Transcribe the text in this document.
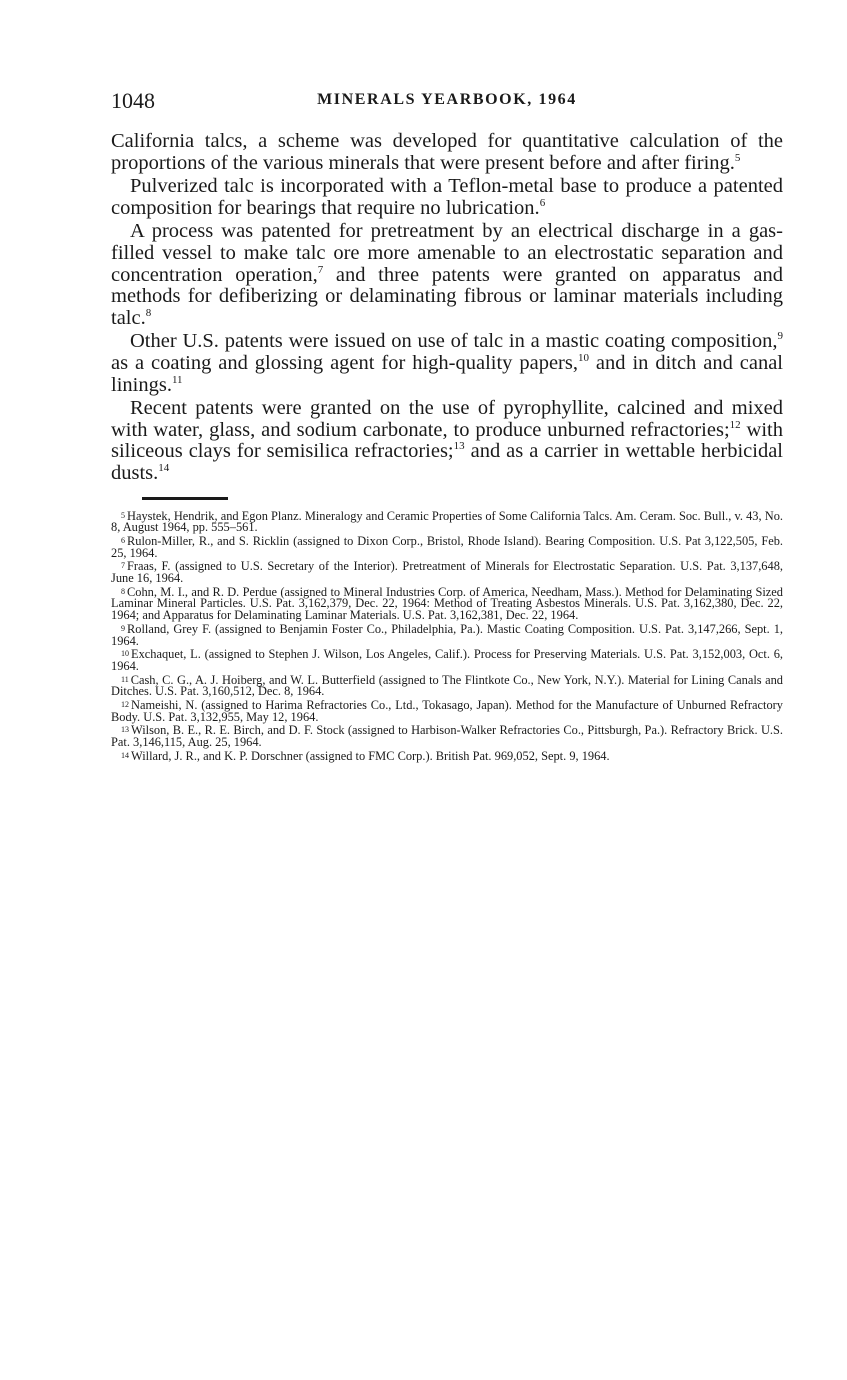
1048	MINERALS YEARBOOK, 1964

California talcs, a scheme was developed for quantitative calculation of the proportions of the various minerals that were present before and after firing.$^5$

Pulverized talc is incorporated with a Teflon-metal base to produce a patented composition for bearings that require no lubrication.$^6$

A process was patented for pretreatment by an electrical discharge in a gas-filled vessel to make talc ore more amenable to an electrostatic separation and concentration operation,$^7$ and three patents were granted on apparatus and methods for defiberizing or delaminating fibrous or laminar materials including talc.$^8$

Other U.S. patents were issued on use of talc in a mastic coating composition,$^9$ as a coating and glossing agent for high-quality papers,$^{10}$ and in ditch and canal linings.$^{11}$

Recent patents were granted on the use of pyrophyllite, calcined and mixed with water, glass, and sodium carbonate, to produce unburned refractories;$^{12}$ with siliceous clays for semisilica refractories;$^{13}$ and as a carrier in wettable herbicidal dusts.$^{14}$

5 Haystek, Hendrik, and Egon Planz. Mineralogy and Ceramic Properties of Some California Talcs. Am. Ceram. Soc. Bull., v. 43, No. 8, August 1964, pp. 555–561.

6 Rulon-Miller, R., and S. Ricklin (assigned to Dixon Corp., Bristol, Rhode Island). Bearing Composition. U.S. Pat 3,122,505, Feb. 25, 1964.

7 Fraas, F. (assigned to U.S. Secretary of the Interior). Pretreatment of Minerals for Electrostatic Separation. U.S. Pat. 3,137,648, June 16, 1964.

8 Cohn, M. I., and R. D. Perdue (assigned to Mineral Industries Corp. of America, Needham, Mass.). Method for Delaminating Sized Laminar Mineral Particles. U.S. Pat. 3,162,379, Dec. 22, 1964: Method of Treating Asbestos Minerals. U.S. Pat. 3,162,380, Dec. 22, 1964; and Apparatus for Delaminating Laminar Materials. U.S. Pat. 3,162,381, Dec. 22, 1964.

9 Rolland, Grey F. (assigned to Benjamin Foster Co., Philadelphia, Pa.). Mastic Coating Composition. U.S. Pat. 3,147,266, Sept. 1, 1964.

10 Exchaquet, L. (assigned to Stephen J. Wilson, Los Angeles, Calif.). Process for Preserving Materials. U.S. Pat. 3,152,003, Oct. 6, 1964.

11 Cash, C. G., A. J. Hoiberg, and W. L. Butterfield (assigned to The Flintkote Co., New York, N.Y.). Material for Lining Canals and Ditches. U.S. Pat. 3,160,512, Dec. 8, 1964.

12 Nameishi, N. (assigned to Harima Refractories Co., Ltd., Tokasago, Japan). Method for the Manufacture of Unburned Refractory Body. U.S. Pat. 3,132,955, May 12, 1964.

13 Wilson, B. E., R. E. Birch, and D. F. Stock (assigned to Harbison-Walker Refractories Co., Pittsburgh, Pa.). Refractory Brick. U.S. Pat. 3,146,115, Aug. 25, 1964.

14 Willard, J. R., and K. P. Dorschner (assigned to FMC Corp.). British Pat. 969,052, Sept. 9, 1964.
